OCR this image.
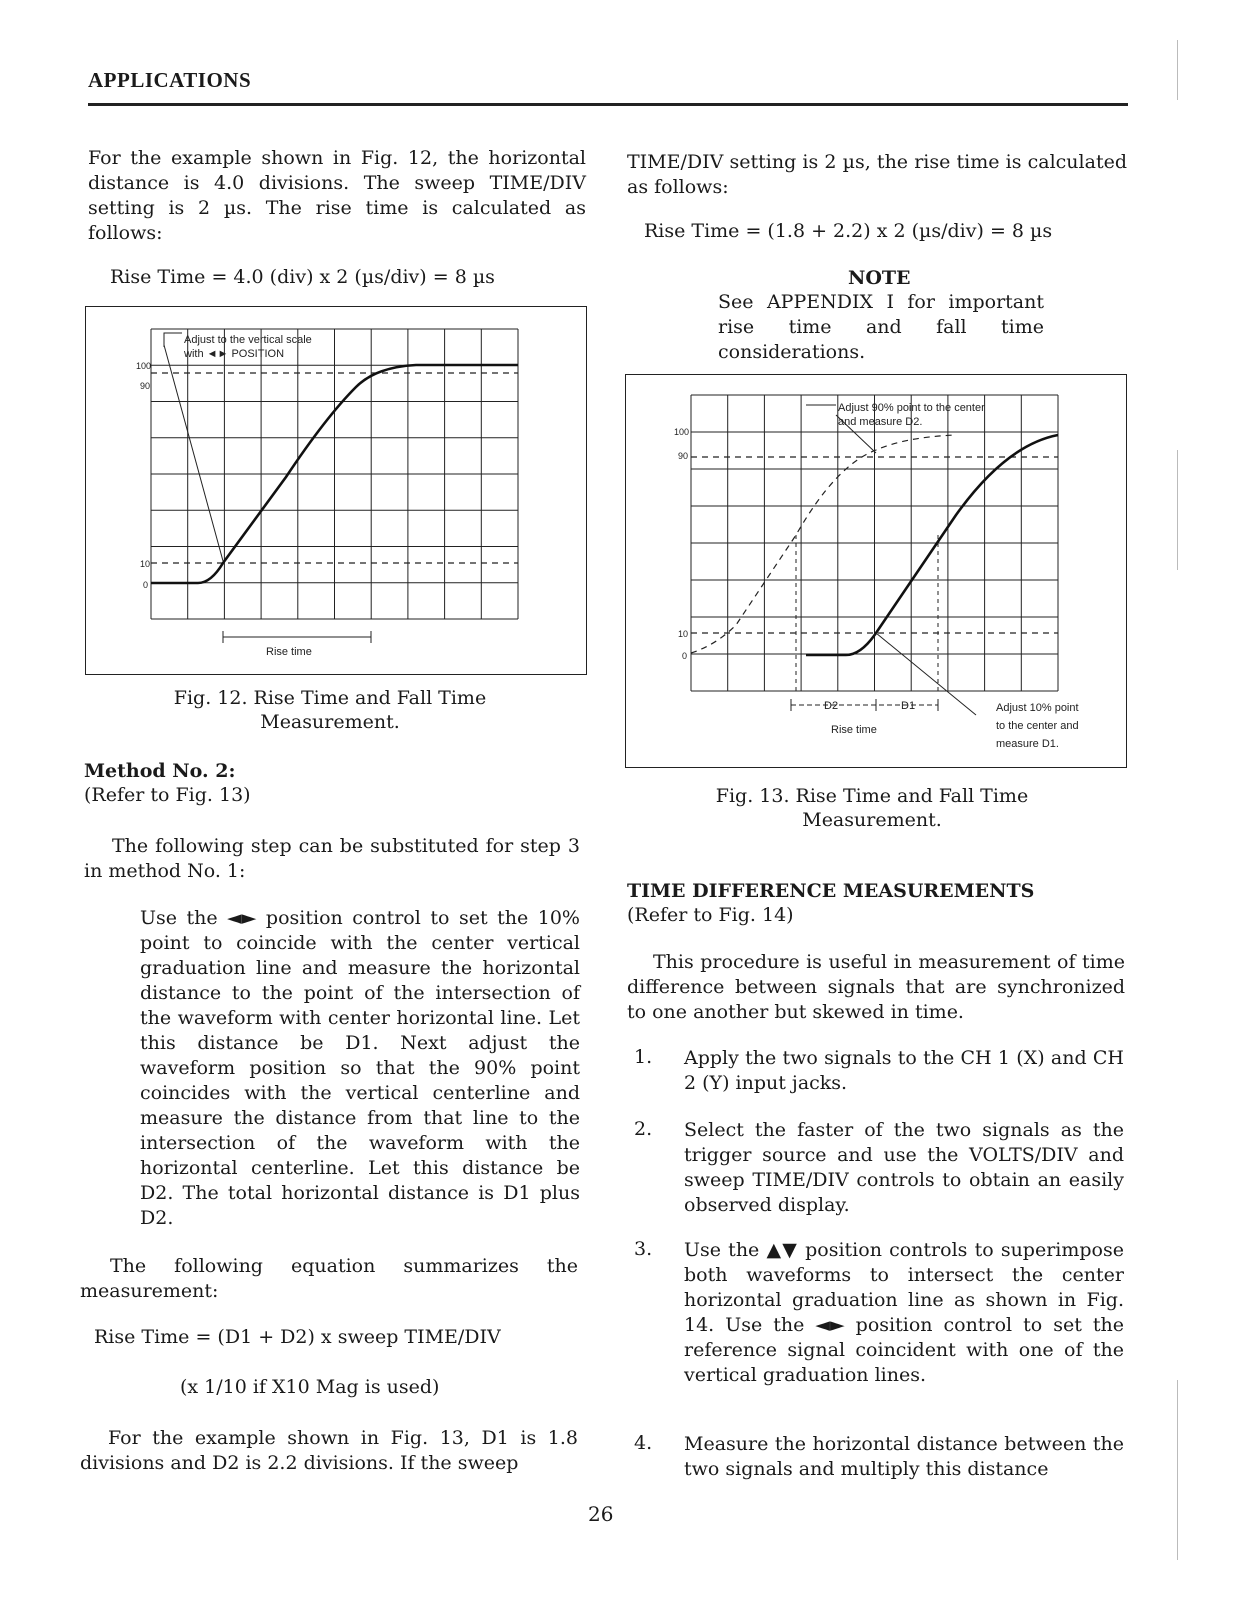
APPLICATIONS
For the example shown in Fig. 12, the horizontal distance is 4.0 divisions. The sweep TIME/DIV setting is 2 µs. The rise time is calculated as follows:
Rise Time = 4.0 (div) x 2 (µs/div) = 8 µs
Adjust to the vertical scale
with ◄► POSITION
100
90
10
0
Rise time
Fig. 12. Rise Time and Fall Time Measurement.
Method No. 2:
(Refer to Fig. 13)
The following step can be substituted for step 3 in method No. 1:
Use the ◄► position control to set the 10% point to coincide with the center vertical graduation line and measure the horizontal distance to the point of the intersection of the waveform with center horizontal line. Let this distance be D1. Next adjust the waveform position so that the 90% point coincides with the vertical centerline and measure the distance from that line to the intersection of the waveform with the horizontal centerline. Let this distance be D2. The total horizontal distance is D1 plus D2.
The following equation summarizes the measurement:
Rise Time = (D1 + D2) x sweep TIME/DIV
(x 1/10 if X10 Mag is used)
For the example shown in Fig. 13, D1 is 1.8 divisions and D2 is 2.2 divisions. If the sweep
TIME/DIV setting is 2 µs, the rise time is calculated as follows:
Rise Time = (1.8 + 2.2) x 2 (µs/div) = 8 µs
NOTE
See APPENDIX I for important rise time and fall time considerations.
Adjust 90% point to the center
and measure D2.
100
90
10
0
D2	D1
Rise time
Adjust 10% point
to the center and
measure D1.
Fig. 13. Rise Time and Fall Time Measurement.
TIME DIFFERENCE MEASUREMENTS
(Refer to Fig. 14)
This procedure is useful in measurement of time difference between signals that are synchronized to one another but skewed in time.
1. Apply the two signals to the CH 1 (X) and CH 2 (Y) input jacks.
2. Select the faster of the two signals as the trigger source and use the VOLTS/DIV and sweep TIME/DIV controls to obtain an easily observed display.
3. Use the ▲▼ position controls to superimpose both waveforms to intersect the center horizontal graduation line as shown in Fig. 14. Use the ◄► position control to set the reference signal coincident with one of the vertical graduation lines.
4. Measure the horizontal distance between the two signals and multiply this distance
26
